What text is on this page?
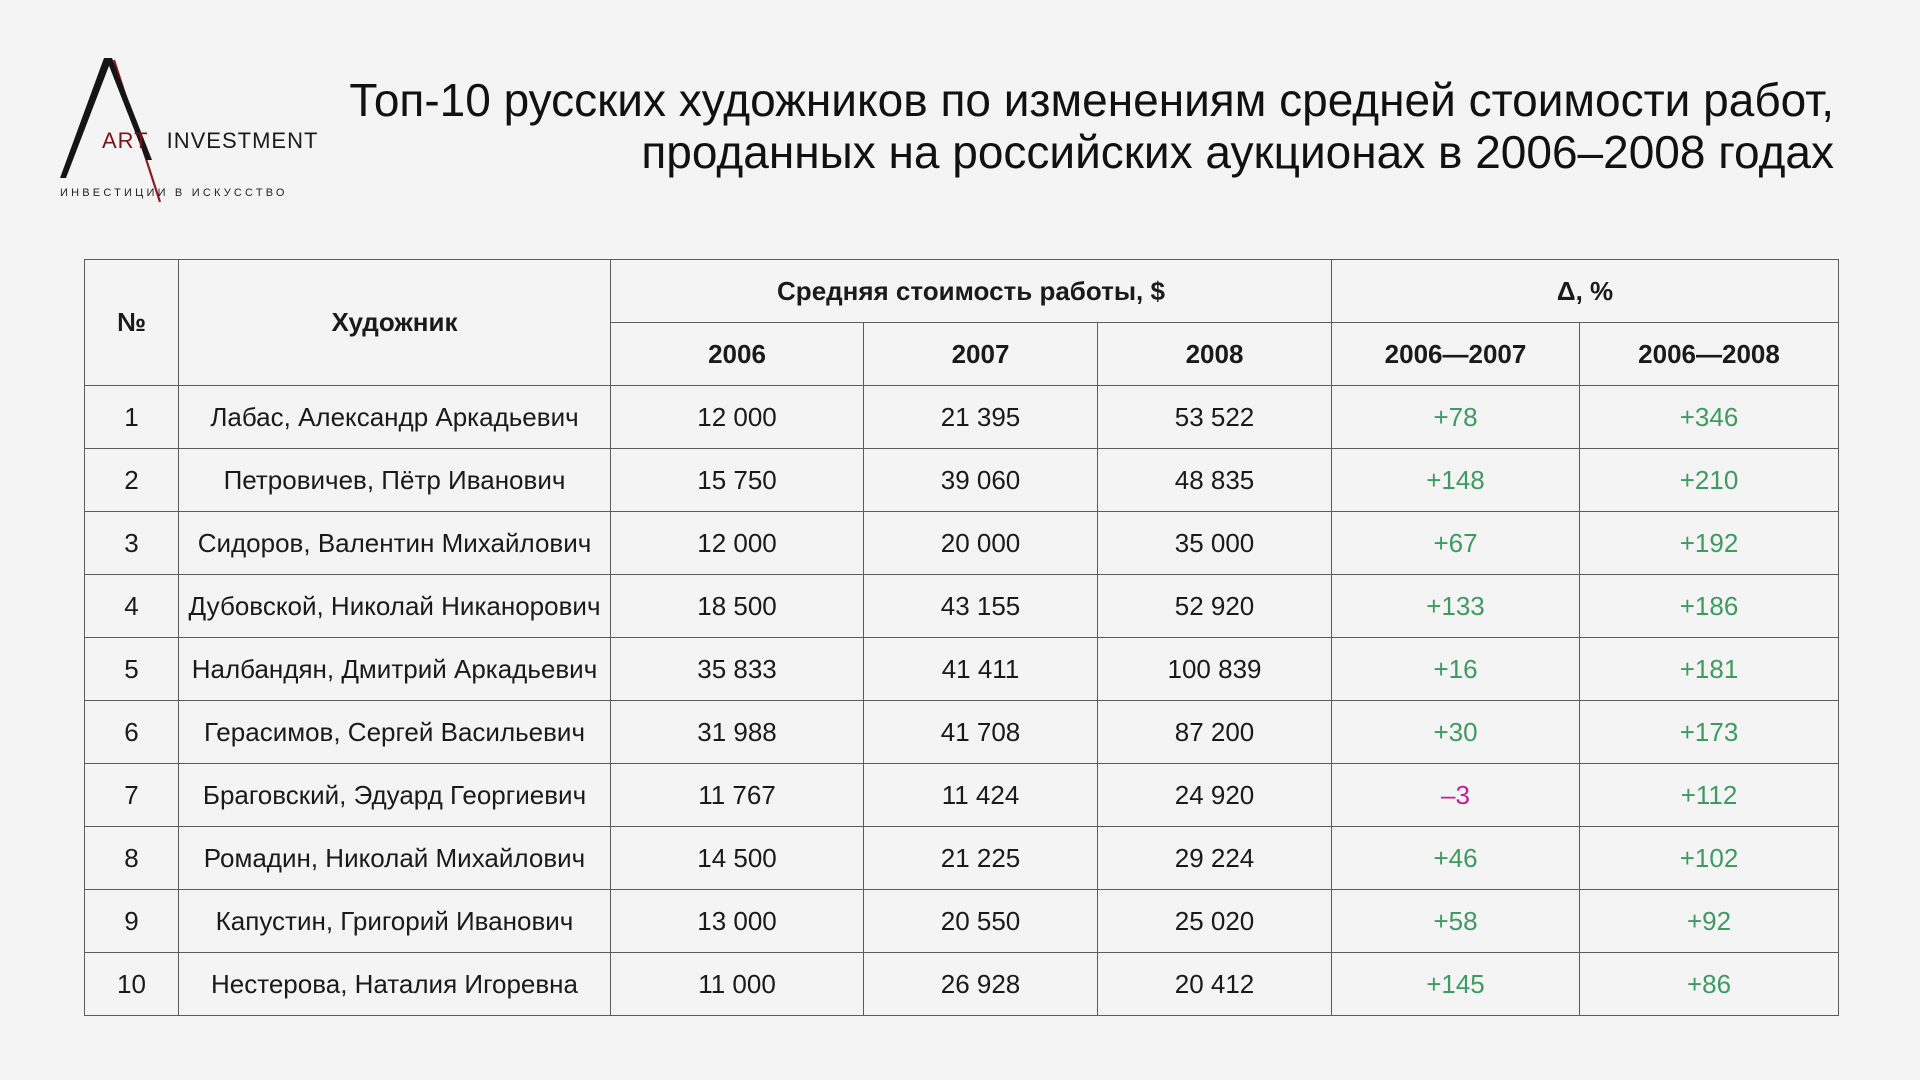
ART INVESTMENT
ИНВЕСТИЦИИ В ИСКУССТВО
Топ-10 русских художников по изменениям средней стоимости работ,
проданных на российских аукционах в 2006–2008 годах
№	Художник	Средняя стоимость работы, $			Δ, %	
		2006	2007	2008	2006—2007	2006—2008
1	Лабас, Александр Аркадьевич	12 000	21 395	53 522	+78	+346
2	Петровичев, Пётр Иванович	15 750	39 060	48 835	+148	+210
3	Сидоров, Валентин Михайлович	12 000	20 000	35 000	+67	+192
4	Дубовской, Николай Никанорович	18 500	43 155	52 920	+133	+186
5	Налбандян, Дмитрий Аркадьевич	35 833	41 411	100 839	+16	+181
6	Герасимов, Сергей Васильевич	31 988	41 708	87 200	+30	+173
7	Браговский, Эдуард Георгиевич	11 767	11 424	24 920	–3	+112
8	Ромадин, Николай Михайлович	14 500	21 225	29 224	+46	+102
9	Капустин, Григорий Иванович	13 000	20 550	25 020	+58	+92
10	Нестерова, Наталия Игоревна	11 000	26 928	20 412	+145	+86
